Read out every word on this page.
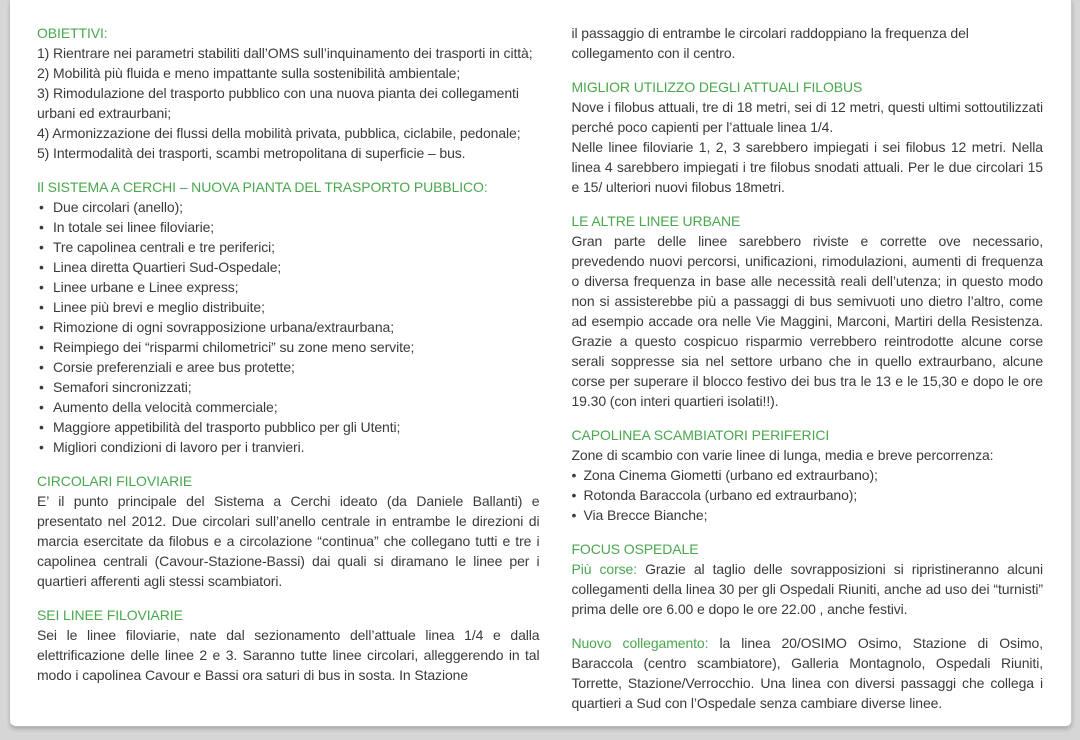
OBIETTIVI:

1) Rientrare nei parametri stabiliti dall’OMS sull’inquinamento dei trasporti in città;

2) Mobilità più fluida e meno impattante sulla sostenibilità ambientale;

3) Rimodulazione del trasporto pubblico con una nuova pianta dei collegamenti urbani ed extraurbani;

4) Armonizzazione dei flussi della mobilità privata, pubblica, ciclabile, pedonale;

5) Intermodalità dei trasporti, scambi metropolitana di superficie – bus.

Il SISTEMA A CERCHI – NUOVA PIANTA DEL TRASPORTO PUBBLICO:
• Due circolari (anello);
• In totale sei linee filoviarie;
• Tre capolinea centrali e tre periferici;
• Linea diretta Quartieri Sud-Ospedale;
• Linee urbane e Linee express;
• Linee più brevi e meglio distribuite;
• Rimozione di ogni sovrapposizione urbana/extraurbana;
• Reimpiego dei “risparmi chilometrici” su zone meno servite;
• Corsie preferenziali e aree bus protette;
• Semafori sincronizzati;
• Aumento della velocità commerciale;
• Maggiore appetibilità del trasporto pubblico per gli Utenti;
• Migliori condizioni di lavoro per i tranvieri.
CIRCOLARI FILOVIARIE

E’ il punto principale del Sistema a Cerchi ideato (da Daniele Ballanti) e presentato nel 2012. Due circolari sull’anello centrale in entrambe le direzioni di marcia esercitate da filobus e a circolazione “continua” che collegano tutti e tre i capolinea centrali (Cavour-Stazione-Bassi) dai quali si diramano le linee per i quartieri afferenti agli stessi scambiatori.

SEI LINEE FILOVIARIE

Sei le linee filoviarie, nate dal sezionamento dell’attuale linea 1/4 e dalla elettrificazione delle linee 2 e 3. Saranno tutte linee circolari, alleggerendo in tal modo i capolinea Cavour e Bassi ora saturi di bus in sosta. In Stazione

il passaggio di entrambe le circolari raddoppiano la frequenza del collegamento con il centro.

MIGLIOR UTILIZZO DEGLI ATTUALI FILOBUS

Nove i filobus attuali, tre di 18 metri, sei di 12 metri, questi ultimi sottoutilizzati perché poco capienti per l’attuale linea 1/4.

Nelle linee filoviarie 1, 2, 3 sarebbero impiegati i sei filobus 12 metri. Nella linea 4 sarebbero impiegati i tre filobus snodati attuali. Per le due circolari 15 e 15/ ulteriori nuovi filobus 18metri.

LE ALTRE LINEE URBANE

Gran parte delle linee sarebbero riviste e corrette ove necessario, prevedendo nuovi percorsi, unificazioni, rimodulazioni, aumenti di frequenza o diversa frequenza in base alle necessità reali dell’utenza; in questo modo non si assisterebbe più a passaggi di bus semivuoti uno dietro l’altro, come ad esempio accade ora nelle Vie Maggini, Marconi, Martiri della Resistenza. Grazie a questo cospicuo risparmio verrebbero reintrodotte alcune corse serali soppresse sia nel settore urbano che in quello extraurbano, alcune corse per superare il blocco festivo dei bus tra le 13 e le 15,30 e dopo le ore 19.30 (con interi quartieri isolati!!).

CAPOLINEA SCAMBIATORI PERIFERICI

Zone di scambio con varie linee di lunga, media e breve percorrenza:

• Zona Cinema Giometti (urbano ed extraurbano);
• Rotonda Baraccola (urbano ed extraurbano);
• Via Brecce Bianche;
FOCUS OSPEDALE

Più corse: Grazie al taglio delle sovrapposizioni si ripristineranno alcuni collegamenti della linea 30 per gli Ospedali Riuniti, anche ad uso dei “turnisti” prima delle ore 6.00 e dopo le ore 22.00 , anche festivi.

Nuovo collegamento: la linea 20/OSIMO Osimo, Stazione di Osimo, Baraccola (centro scambiatore), Galleria Montagnolo, Ospedali Riuniti, Torrette, Stazione/Verrocchio. Una linea con diversi passaggi che collega i quartieri a Sud con l’Ospedale senza cambiare diverse linee.
